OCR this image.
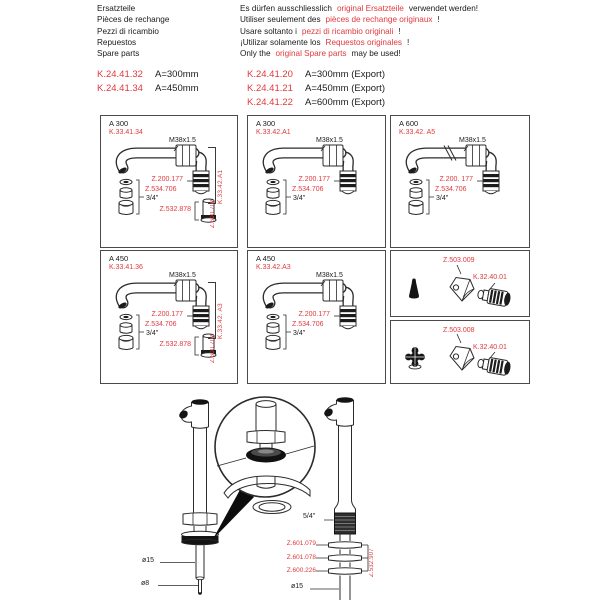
Ersatzteile
Pièces de rechange
Pezzi di ricambio
Repuestos
Spare parts
Es dürfen ausschliesslich original Ersatzteile verwendet werden!
Utiliser seulement des pièces de rechange originaux !
Usare soltanto i pezzi di ricambio originali !
¡Utilizar solamente los Requestos originales !
Only the original Spare parts may be used!
K.24.41.32 A=300mm
K.24.41.34 A=450mm
K.24.41.20 A=300mm (Export)
K.24.41.21 A=450mm (Export)
K.24.41.22 A=600mm (Export)
A 300
K.33.41.34
M38x1.5
Z.200.177
Z.534.706
3/4"	K.33.42.A1
Z.532.878	Z.600.702
A 300
K.33.42.A1
M38x1.5
Z.200.177
Z.534.706
3/4"
A 600
K.33.42. A5
M38x1.5
Z.200. 177
Z.534.706
3/4"
A 450
K.33.41.36
M38x1.5
Z.200.177
Z.534.706
3/4"	K.33.42. A3
Z.532.878	Z.600.702
A 450
K.33.42.A3
M38x1.5
Z.200.177
Z.534.706
3/4"
Z.503.009
K.32.40.01
Z.503.008
K.32.40.01
ø15
ø8
5/4"
Z.601.079
Z.601.078
Z.600.226	Z.532.907
ø15
